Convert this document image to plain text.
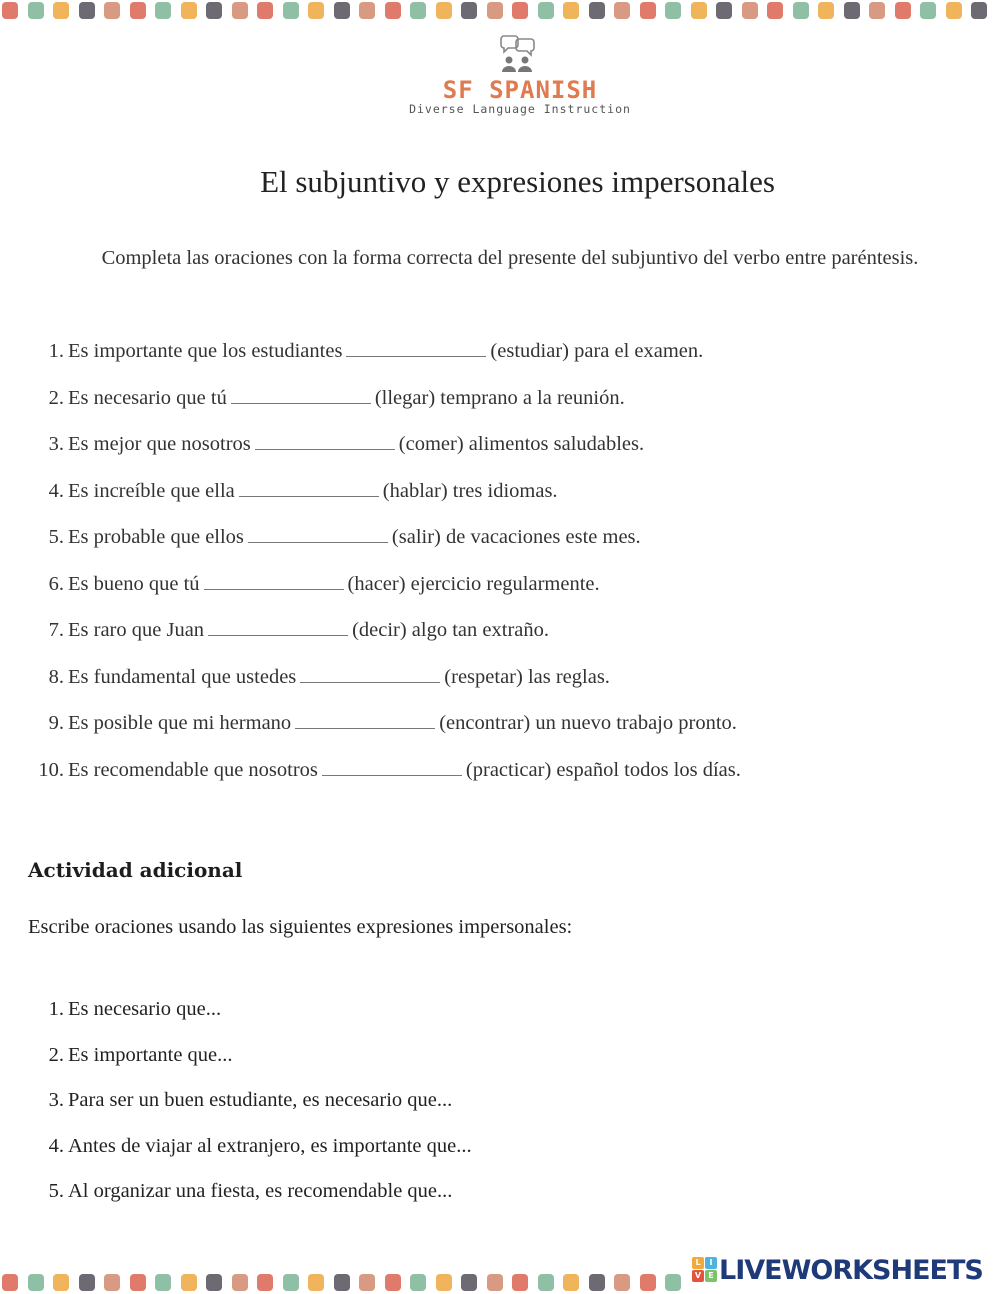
SF SPANISH
Diverse Language Instruction
El subjuntivo y expresiones impersonales
Completa las oraciones con la forma correcta del presente del subjuntivo del verbo entre paréntesis.
1. Es importante que los estudiantes	(estudiar) para el examen.
2. Es necesario que tú	(llegar) temprano a la reunión.
3. Es mejor que nosotros	(comer) alimentos saludables.
4. Es increíble que ella	(hablar) tres idiomas.
5. Es probable que ellos	(salir) de vacaciones este mes.
6. Es bueno que tú	(hacer) ejercicio regularmente.
7. Es raro que Juan	(decir) algo tan extraño.
8. Es fundamental que ustedes	(respetar) las reglas.
9. Es posible que mi hermano	(encontrar) un nuevo trabajo pronto.
10. Es recomendable que nosotros	(practicar) español todos los días.
Actividad adicional
Escribe oraciones usando las siguientes expresiones impersonales:
1. Es necesario que...
2. Es importante que...
3. Para ser un buen estudiante, es necesario que...
4. Antes de viajar al extranjero, es importante que...
5. Al organizar una fiesta, es recomendable que...
L	I
V E LIVEWORKSHEETS
